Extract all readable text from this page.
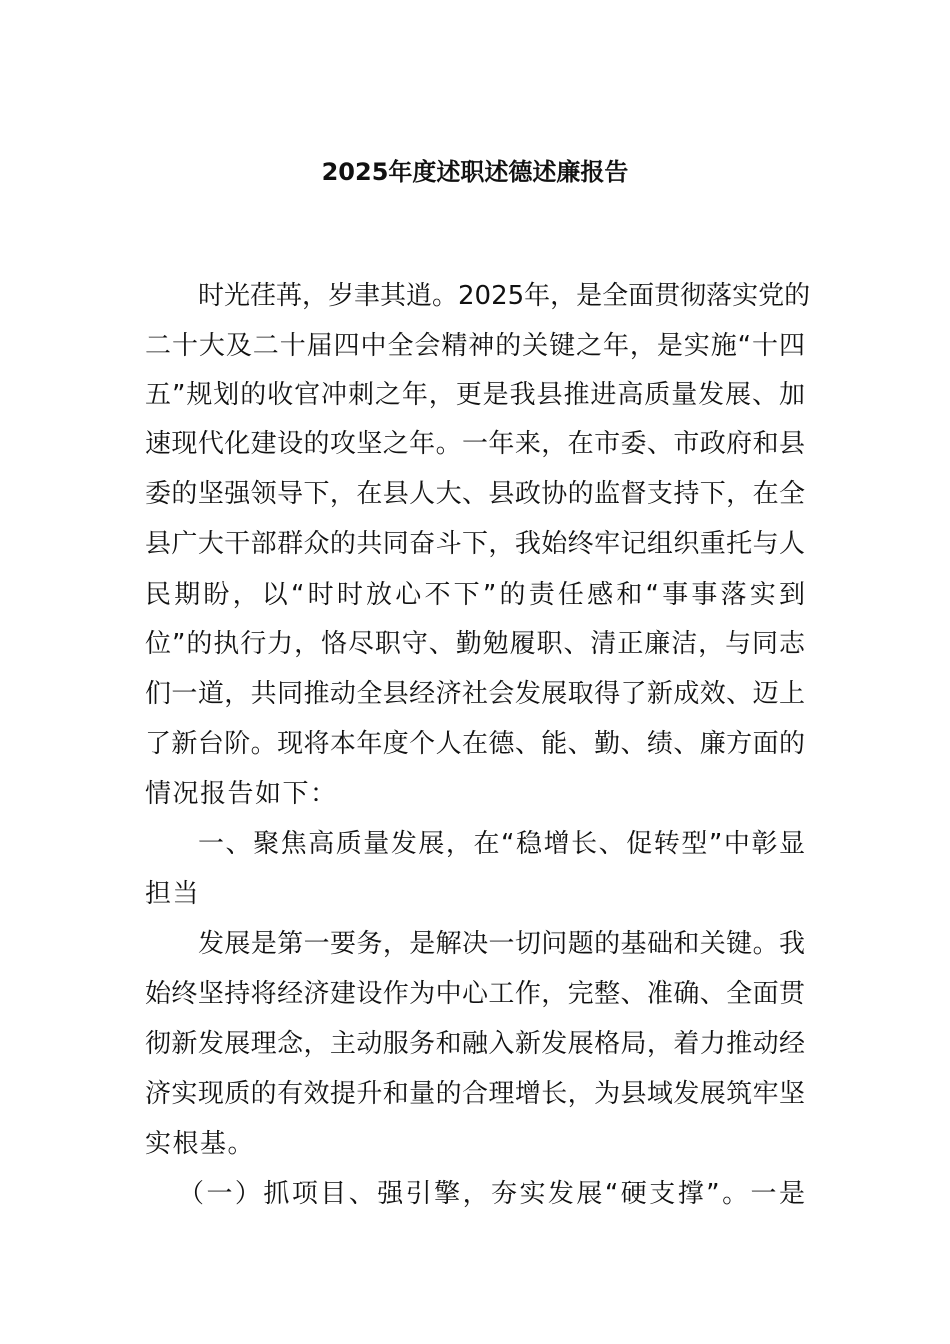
2025年度述职述德述廉报告
时光荏苒，岁聿其逍。2025年，是全面贯彻落实党的
二十大及二十届四中全会精神的关键之年，是实施“十四
五”规划的收官冲刺之年，更是我县推进高质量发展、加
速现代化建设的攻坚之年。一年来，在市委、市政府和县
委的坚强领导下，在县人大、县政协的监督支持下，在全
县广大干部群众的共同奋斗下，我始终牢记组织重托与人
民期盼，以“时时放心不下”的责任感和“事事落实到
位”的执行力，恪尽职守、勤勉履职、清正廉洁，与同志
们一道，共同推动全县经济社会发展取得了新成效、迈上
了新台阶。现将本年度个人在德、能、勤、绩、廉方面的
情况报告如下：
一、聚焦高质量发展，在“稳增长、促转型”中彰显
担当
发展是第一要务，是解决一切问题的基础和关键。我
始终坚持将经济建设作为中心工作，完整、准确、全面贯
彻新发展理念，主动服务和融入新发展格局，着力推动经
济实现质的有效提升和量的合理增长，为县域发展筑牢坚
实根基。
（一）抓项目、强引擎，夯实发展“硬支撑”。一是
